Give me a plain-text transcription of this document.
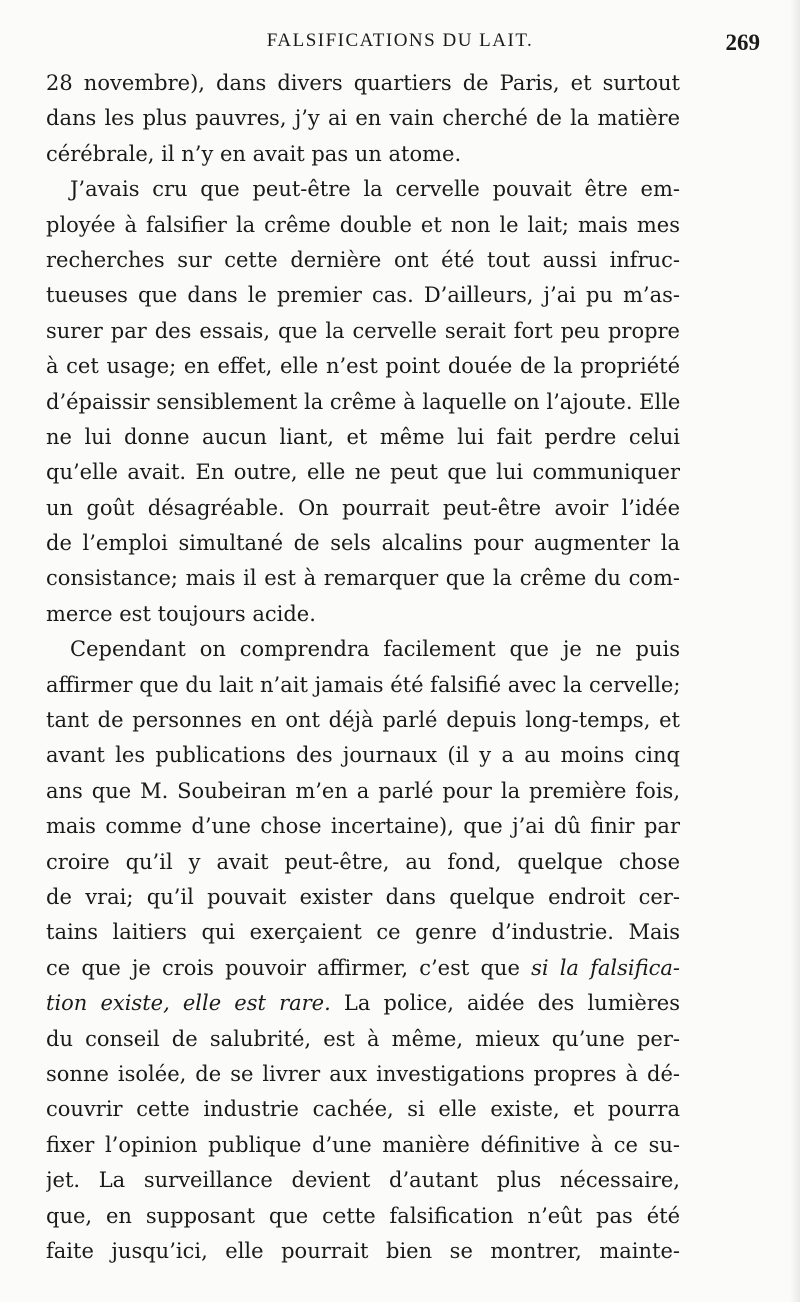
FALSIFICATIONS DU LAIT.	269
28 novembre), dans divers quartiers de Paris, et surtout
dans les plus pauvres, j’y ai en vain cherché de la matière
cérébrale, il n’y en avait pas un atome.
J’avais cru que peut-être la cervelle pouvait être em-
ployée à falsifier la crême double et non le lait; mais mes
recherches sur cette dernière ont été tout aussi infruc-
tueuses que dans le premier cas. D’ailleurs, j’ai pu m’as-
surer par des essais, que la cervelle serait fort peu propre
à cet usage; en effet, elle n’est point douée de la propriété
d’épaissir sensiblement la crême à laquelle on l’ajoute. Elle
ne lui donne aucun liant, et même lui fait perdre celui
qu’elle avait. En outre, elle ne peut que lui communiquer
un goût désagréable. On pourrait peut-être avoir l’idée
de l’emploi simultané de sels alcalins pour augmenter la
consistance; mais il est à remarquer que la crême du com-
merce est toujours acide.
Cependant on comprendra facilement que je ne puis
affirmer que du lait n’ait jamais été falsifié avec la cervelle;
tant de personnes en ont déjà parlé depuis long-temps, et
avant les publications des journaux (il y a au moins cinq
ans que M. Soubeiran m’en a parlé pour la première fois,
mais comme d’une chose incertaine), que j’ai dû finir par
croire qu’il y avait peut-être, au fond, quelque chose
de vrai; qu’il pouvait exister dans quelque endroit cer-
tains laitiers qui exerçaient ce genre d’industrie. Mais
ce que je crois pouvoir affirmer, c’est que si la falsifica-
tion existe, elle est rare. La police, aidée des lumières
du conseil de salubrité, est à même, mieux qu’une per-
sonne isolée, de se livrer aux investigations propres à dé-
couvrir cette industrie cachée, si elle existe, et pourra
fixer l’opinion publique d’une manière définitive à ce su-
jet. La surveillance devient d’autant plus nécessaire,
que, en supposant que cette falsification n’eût pas été
faite jusqu’ici, elle pourrait bien se montrer, mainte-
